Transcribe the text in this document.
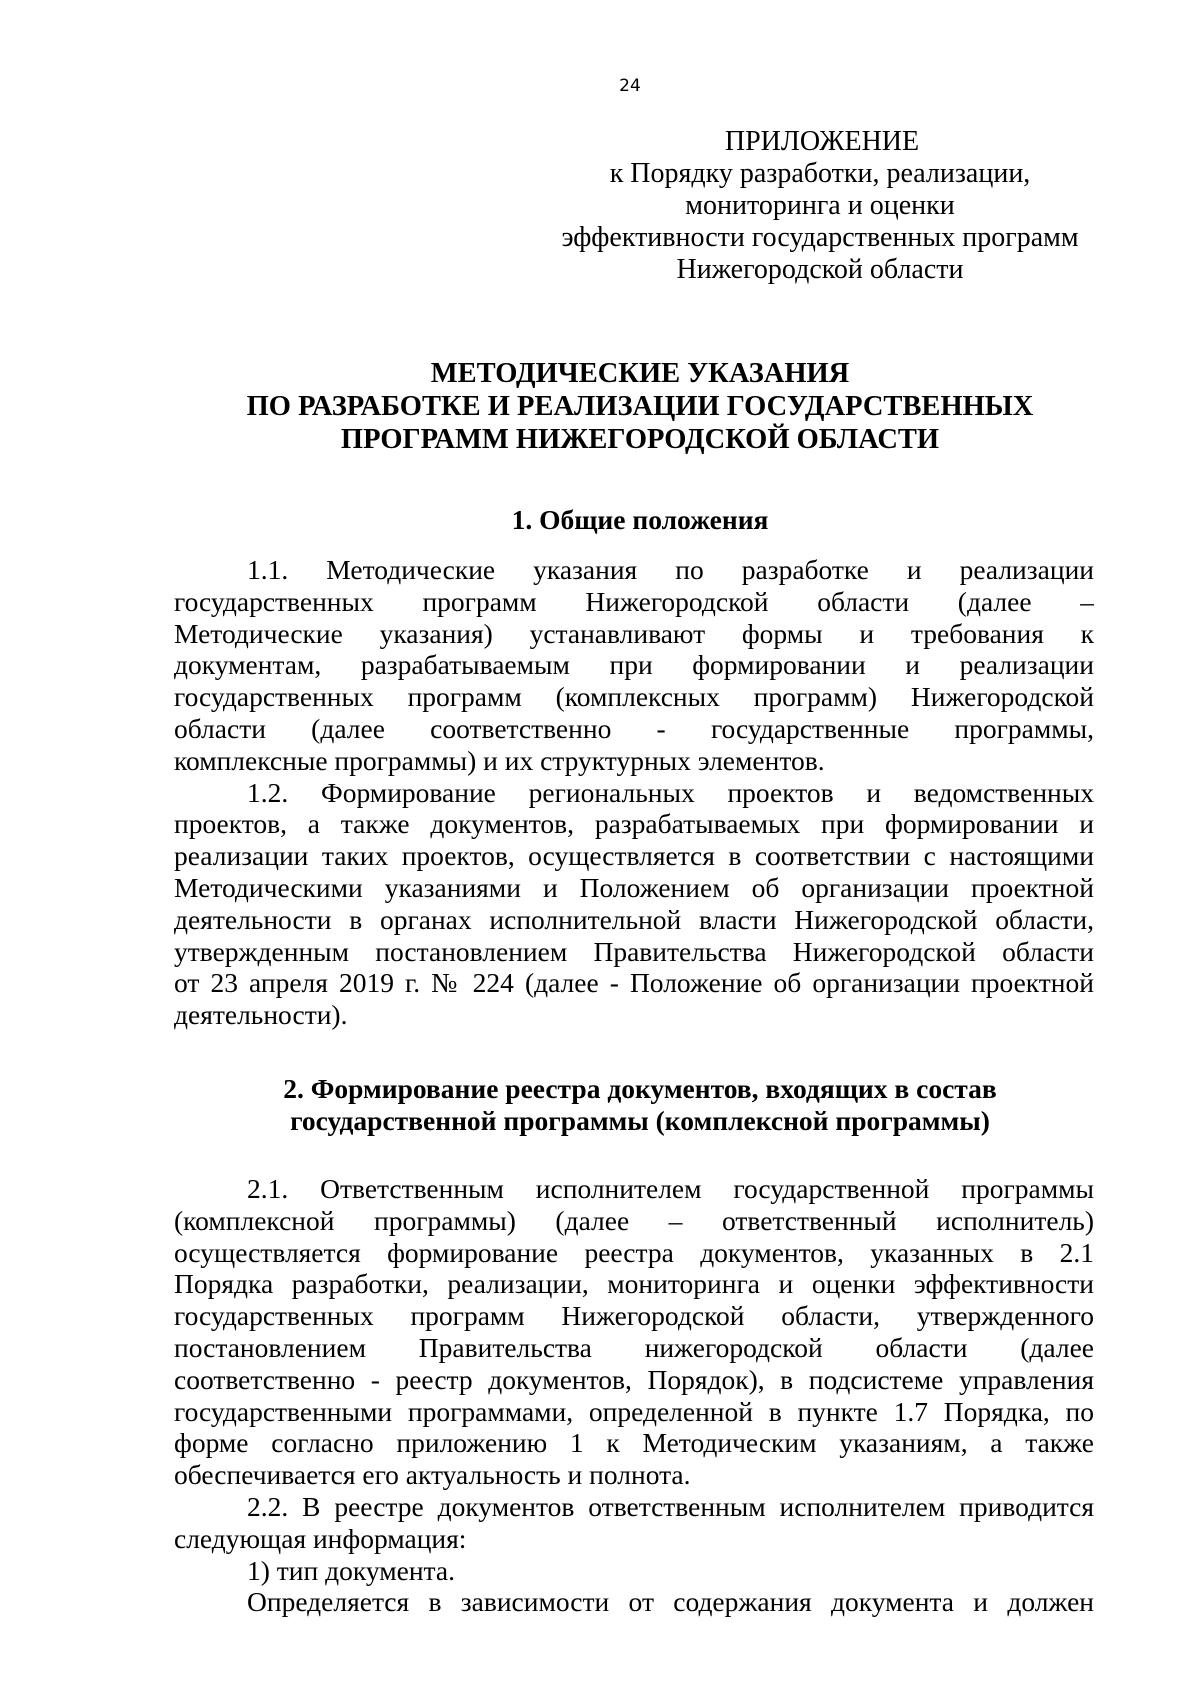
24
ПРИЛОЖЕНИЕ
к Порядку разработки, реализации,
мониторинга и оценки
эффективности государственных программ
Нижегородской области
МЕТОДИЧЕСКИЕ УКАЗАНИЯ
ПО РАЗРАБОТКЕ И РЕАЛИЗАЦИИ ГОСУДАРСТВЕННЫХ
ПРОГРАММ НИЖЕГОРОДСКОЙ ОБЛАСТИ
1. Общие положения
1.1. Методические указания по разработке и реализации
государственных программ Нижегородской области (далее –
Методические указания) устанавливают формы и требования к
документам, разрабатываемым при формировании и реализации
государственных программ (комплексных программ) Нижегородской
области (далее соответственно - государственные программы,
комплексные программы) и их структурных элементов.
1.2. Формирование региональных проектов и ведомственных
проектов, а также документов, разрабатываемых при формировании и
реализации таких проектов, осуществляется в соответствии с настоящими
Методическими указаниями и Положением об организации проектной
деятельности в органах исполнительной власти Нижегородской области,
утвержденным постановлением Правительства Нижегородской области
от 23 апреля 2019 г. № 224 (далее - Положение об организации проектной
деятельности).
2. Формирование реестра документов, входящих в состав
государственной программы (комплексной программы)
2.1. Ответственным исполнителем государственной программы
(комплексной программы) (далее – ответственный исполнитель)
осуществляется формирование реестра документов, указанных в 2.1
Порядка разработки, реализации, мониторинга и оценки эффективности
государственных программ Нижегородской области, утвержденного
постановлением Правительства нижегородской области (далее
соответственно - реестр документов, Порядок), в подсистеме управления
государственными программами, определенной в пункте 1.7 Порядка, по
форме согласно приложению 1 к Методическим указаниям, а также
обеспечивается его актуальность и полнота.
2.2. В реестре документов ответственным исполнителем приводится
следующая информация:
1) тип документа.
Определяется в зависимости от содержания документа и должен
